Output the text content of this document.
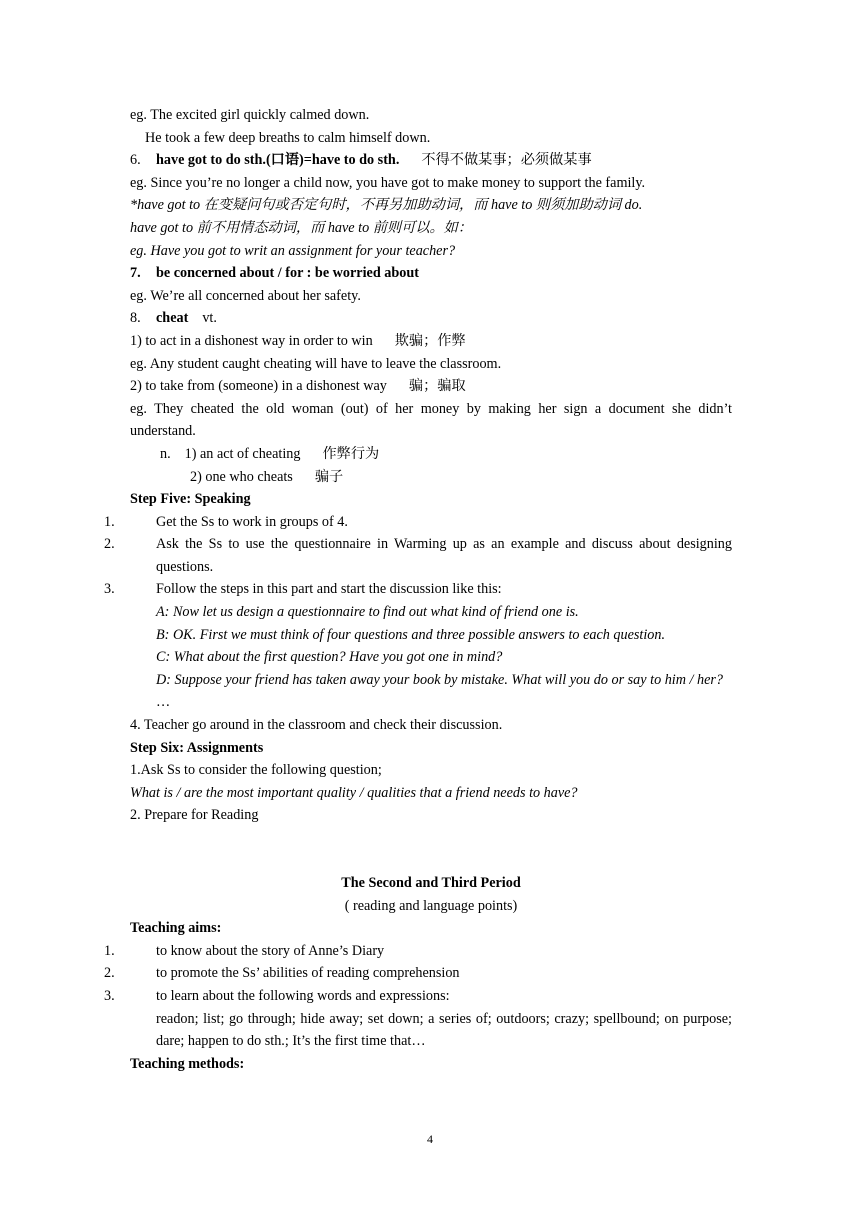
eg. The excited girl quickly calmed down.
He took a few deep breaths to calm himself down.
6. have got to do sth.(口语)=have to do sth. 不得不做某事；必须做某事
eg. Since you’re no longer a child now, you have got to make money to support the family.
*have got to 在变疑问句或否定句时，不再另加助动词，而 have to 则须加助动词 do.
have got to 前不用情态动词，而 have to 前则可以。如：
eg. Have you got to writ an assignment for your teacher?
7. be concerned about / for : be worried about
eg. We’re all concerned about her safety.
8. cheat vt.
1) to act in a dishonest way in order to win 欺骗；作弊
eg. Any student caught cheating will have to leave the classroom.
2) to take from (someone) in a dishonest way 骗；骗取
eg. They cheated the old woman (out) of her money by making her sign a document she didn’t understand.
n. 1) an act of cheating 作弊行为
2) one who cheats 骗子
Step Five: Speaking
1.	Get the Ss to work in groups of 4.
2.	Ask the Ss to use the questionnaire in Warming up as an example and discuss about designing questions.
3.	Follow the steps in this part and start the discussion like this:
A: Now let us design a questionnaire to find out what kind of friend one is.
B: OK. First we must think of four questions and three possible answers to each question.
C: What about the first question? Have you got one in mind?
D: Suppose your friend has taken away your book by mistake. What will you do or say to him / her?
…
4. Teacher go around in the classroom and check their discussion.
Step Six: Assignments
1.Ask Ss to consider the following question;
What is / are the most important quality / qualities that a friend needs to have?
2. Prepare for Reading
The Second and Third Period
( reading and language points)
Teaching aims:
1.	to know about the story of Anne’s Diary
2.	to promote the Ss’ abilities of reading comprehension
3.	to learn about the following words and expressions:
readon; list; go through; hide away; set down; a series of; outdoors; crazy; spellbound; on purpose; dare; happen to do sth.; It’s the first time that…
Teaching methods:
4
